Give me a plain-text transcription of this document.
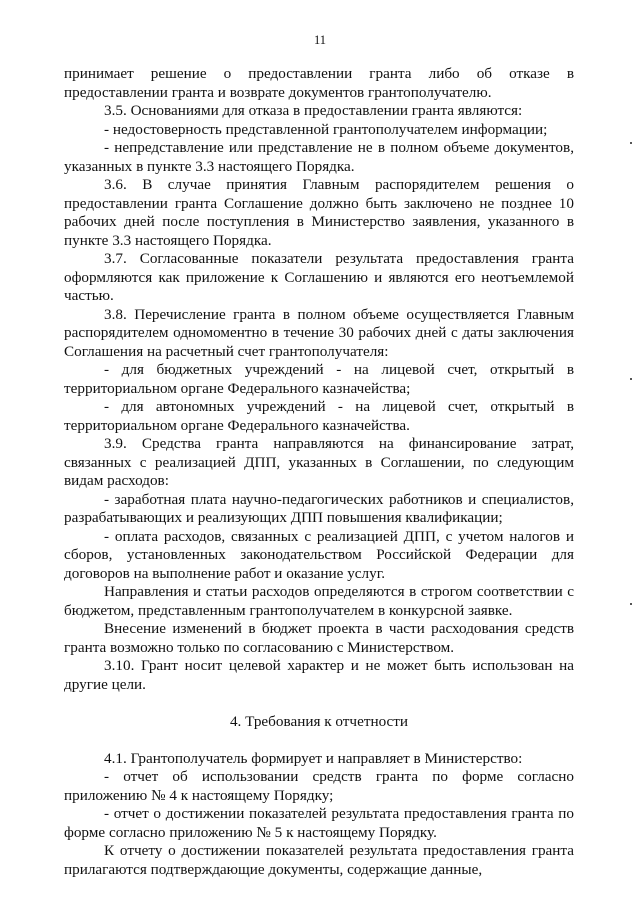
11

принимает решение о предоставлении гранта либо об отказе в предоставлении гранта и возврате документов грантополучателю.

3.5. Основаниями для отказа в предоставлении гранта являются:

- недостоверность представленной грантополучателем информации;

- непредставление или представление не в полном объеме документов, указанных в пункте 3.3 настоящего Порядка.

3.6. В случае принятия Главным распорядителем решения о предоставлении гранта Соглашение должно быть заключено не позднее 10 рабочих дней после поступления в Министерство заявления, указанного в пункте 3.3 настоящего Порядка.

3.7. Согласованные показатели результата предоставления гранта оформляются как приложение к Соглашению и являются его неотъемлемой частью.

3.8. Перечисление гранта в полном объеме осуществляется Главным распорядителем одномоментно в течение 30 рабочих дней с даты заключения Соглашения на расчетный счет грантополучателя:

- для бюджетных учреждений - на лицевой счет, открытый в территориальном органе Федерального казначейства;

- для автономных учреждений - на лицевой счет, открытый в территориальном органе Федерального казначейства.

3.9. Средства гранта направляются на финансирование затрат, связанных с реализацией ДПП, указанных в Соглашении, по следующим видам расходов:

- заработная плата научно-педагогических работников и специалистов, разрабатывающих и реализующих ДПП повышения квалификации;

- оплата расходов, связанных с реализацией ДПП, с учетом налогов и сборов, установленных законодательством Российской Федерации для договоров на выполнение работ и оказание услуг.

Направления и статьи расходов определяются в строгом соответствии с бюджетом, представленным грантополучателем в конкурсной заявке.

Внесение изменений в бюджет проекта в части расходования средств гранта возможно только по согласованию с Министерством.

3.10. Грант носит целевой характер и не может быть использован на другие цели.

4. Требования к отчетности

4.1. Грантополучатель формирует и направляет в Министерство:

- отчет об использовании средств гранта по форме согласно приложению № 4 к настоящему Порядку;

- отчет о достижении показателей результата предоставления гранта по форме согласно приложению № 5 к настоящему Порядку.

К отчету о достижении показателей результата предоставления гранта прилагаются подтверждающие документы, содержащие данные,
